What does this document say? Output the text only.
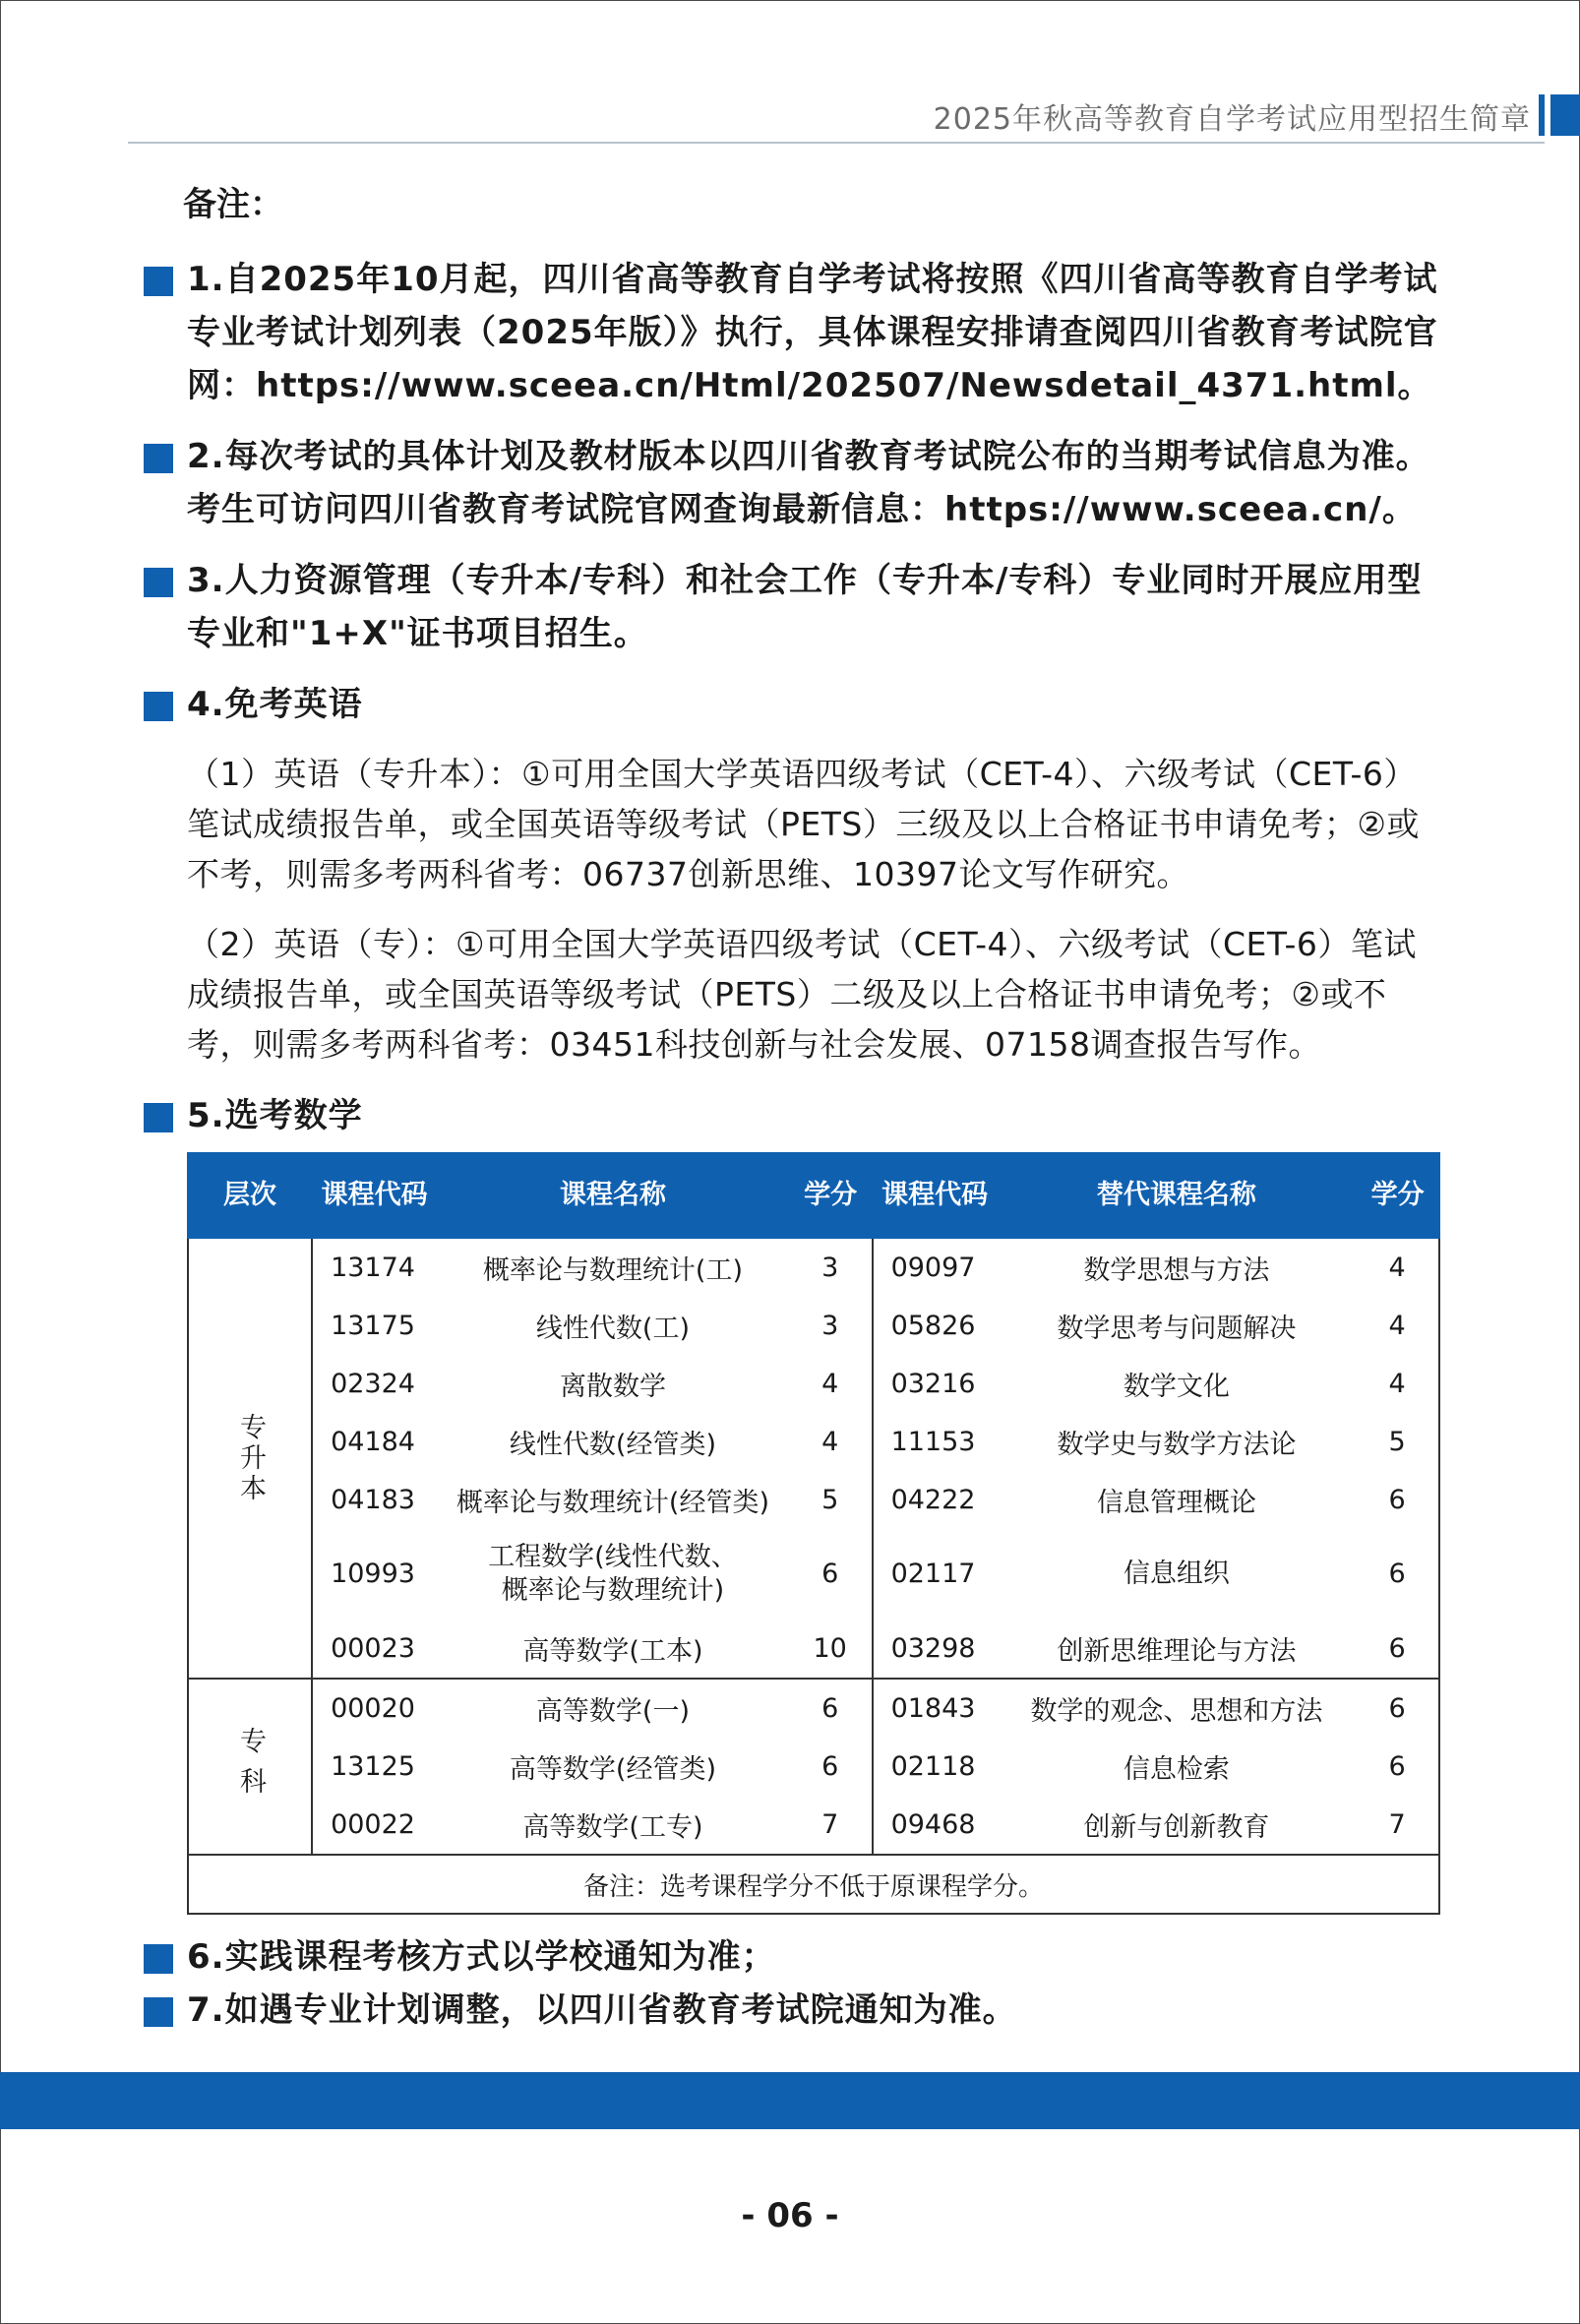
2025年秋高等教育自学考试应用型招生简章
备注：
1.自2025年10月起，四川省高等教育自学考试将按照《四川省高等教育自学考试专业考试计划列表（2025年版）》执行，具体课程安排请查阅四川省教育考试院官网：https://www.sceea.cn/Html/202507/Newsdetail_4371.html。
2.每次考试的具体计划及教材版本以四川省教育考试院公布的当期考试信息为准。考生可访问四川省教育考试院官网查询最新信息：https://www.sceea.cn/。
3.人力资源管理（专升本/专科）和社会工作（专升本/专科）专业同时开展应用型专业和"1+X"证书项目招生。
4.免考英语
（1）英语（专升本）：①可用全国大学英语四级考试（CET-4）、六级考试（CET-6）笔试成绩报告单，或全国英语等级考试（PETS）三级及以上合格证书申请免考；②或不考，则需多考两科省考：06737创新思维、10397论文写作研究。
（2）英语（专）：①可用全国大学英语四级考试（CET-4）、六级考试（CET-6）笔试成绩报告单，或全国英语等级考试（PETS）二级及以上合格证书申请免考；②或不考，则需多考两科省考：03451科技创新与社会发展、07158调查报告写作。
5.选考数学
层次	课程代码	课程名称	学分	课程代码	替代课程名称	学分
专升本	13174	概率论与数理统计(工)	3	09097	数学思想与方法	4
	13175	线性代数(工)	3	05826	数学思考与问题解决	4
	02324	离散数学	4	03216	数学文化	4
	04184	线性代数(经管类)	4	11153	数学史与数学方法论	5
	04183	概率论与数理统计(经管类)	5	04222	信息管理概论	6
	10993	工程数学(线性代数、概率论与数理统计)	6	02117	信息组织	6
	00023	高等数学(工本)	10	03298	创新思维理论与方法	6
专科	00020	高等数学(一)	6	01843	数学的观念、思想和方法	6
	13125	高等数学(经管类)	6	02118	信息检索	6
	00022	高等数学(工专)	7	09468	创新与创新教育	7
备注：选考课程学分不低于原课程学分。						
6.实践课程考核方式以学校通知为准；
7.如遇专业计划调整，以四川省教育考试院通知为准。
- 06 -
